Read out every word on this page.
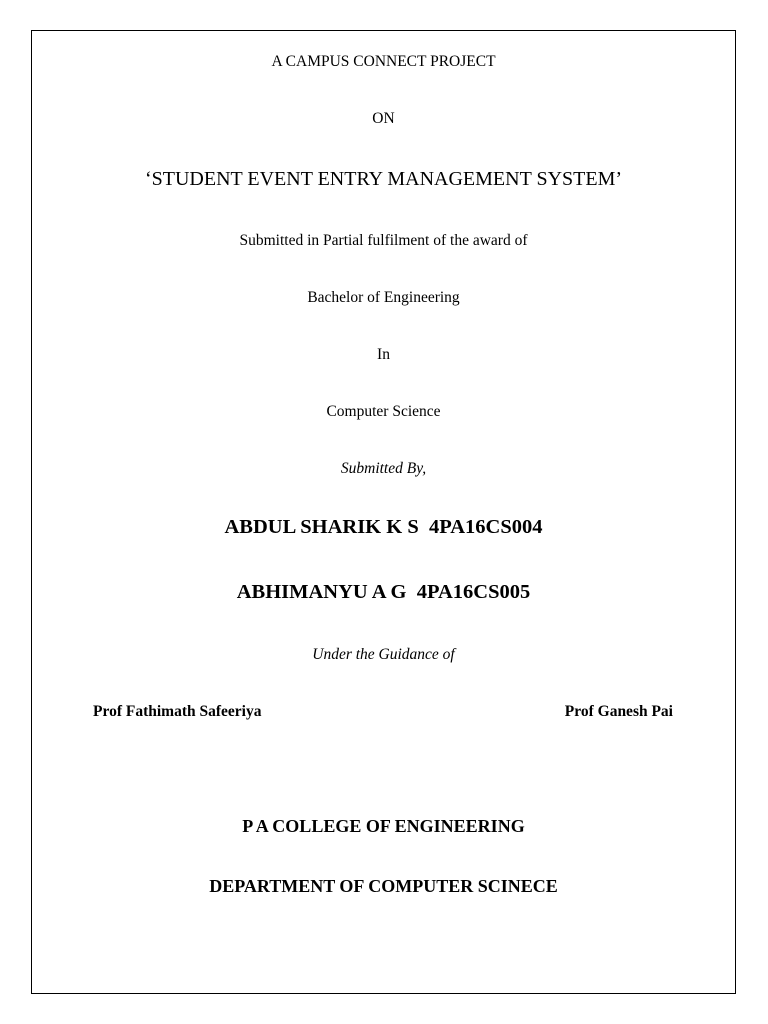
A CAMPUS CONNECT PROJECT
ON
‘STUDENT EVENT ENTRY MANAGEMENT SYSTEM’
Submitted in Partial fulfilment of the award of
Bachelor of Engineering
In
Computer Science
Submitted By,
ABDUL SHARIK K S 4PA16CS004
ABHIMANYU A G 4PA16CS005
Under the Guidance of
Prof Fathimath Safeeriya	Prof Ganesh Pai
P A COLLEGE OF ENGINEERING
DEPARTMENT OF COMPUTER SCINECE
